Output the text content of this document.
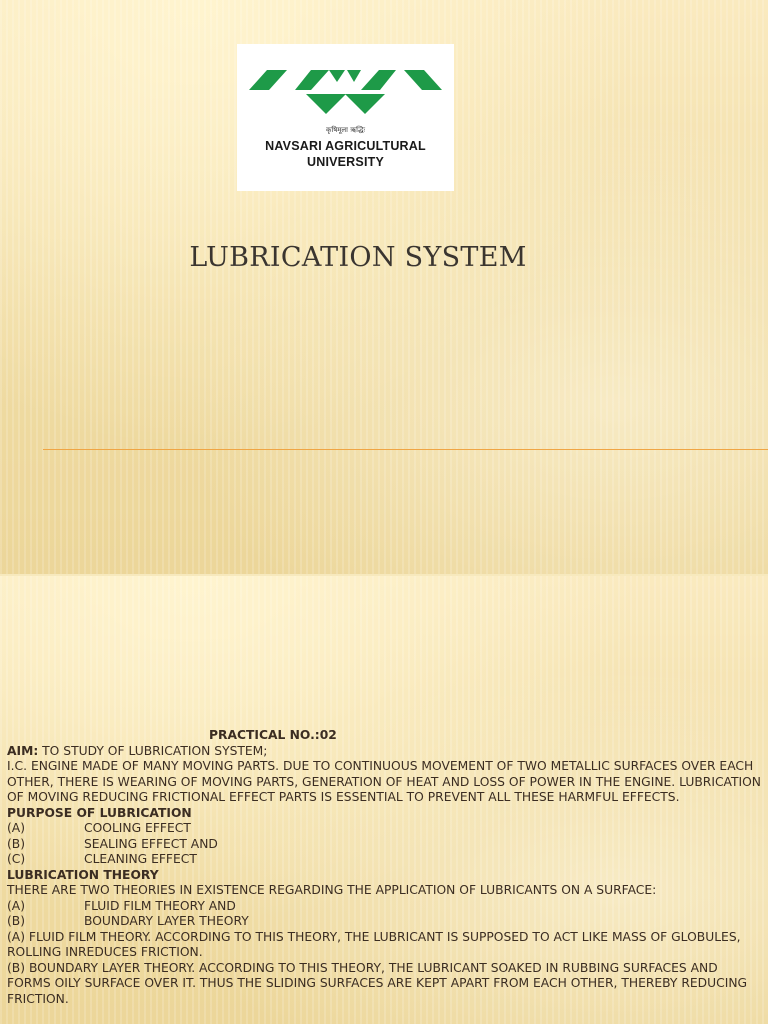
कृषिमूला ऋद्धिः
NAVSARI AGRICULTURAL
UNIVERSITY
LUBRICATION SYSTEM

PRACTICAL NO.:02

AIM: TO STUDY OF LUBRICATION SYSTEM;

I.C. ENGINE MADE OF MANY MOVING PARTS. DUE TO CONTINUOUS MOVEMENT OF TWO METALLIC SURFACES OVER EACH OTHER, THERE IS WEARING OF MOVING PARTS, GENERATION OF HEAT AND LOSS OF POWER IN THE ENGINE. LUBRICATION OF MOVING REDUCING FRICTIONAL EFFECT PARTS IS ESSENTIAL TO PREVENT ALL THESE HARMFUL EFFECTS.

PURPOSE OF LUBRICATION

(A)	COOLING EFFECT

(B)	SEALING EFFECT AND

(C)	CLEANING EFFECT

LUBRICATION THEORY

THERE ARE TWO THEORIES IN EXISTENCE REGARDING THE APPLICATION OF LUBRICANTS ON A SURFACE:

(A)	FLUID FILM THEORY AND

(B)	BOUNDARY LAYER THEORY

(A) FLUID FILM THEORY. ACCORDING TO THIS THEORY, THE LUBRICANT IS SUPPOSED TO ACT LIKE MASS OF GLOBULES, ROLLING INREDUCES FRICTION.

(B) BOUNDARY LAYER THEORY. ACCORDING TO THIS THEORY, THE LUBRICANT SOAKED IN RUBBING SURFACES AND FORMS OILY SURFACE OVER IT. THUS THE SLIDING SURFACES ARE KEPT APART FROM EACH OTHER, THEREBY REDUCING FRICTION.
